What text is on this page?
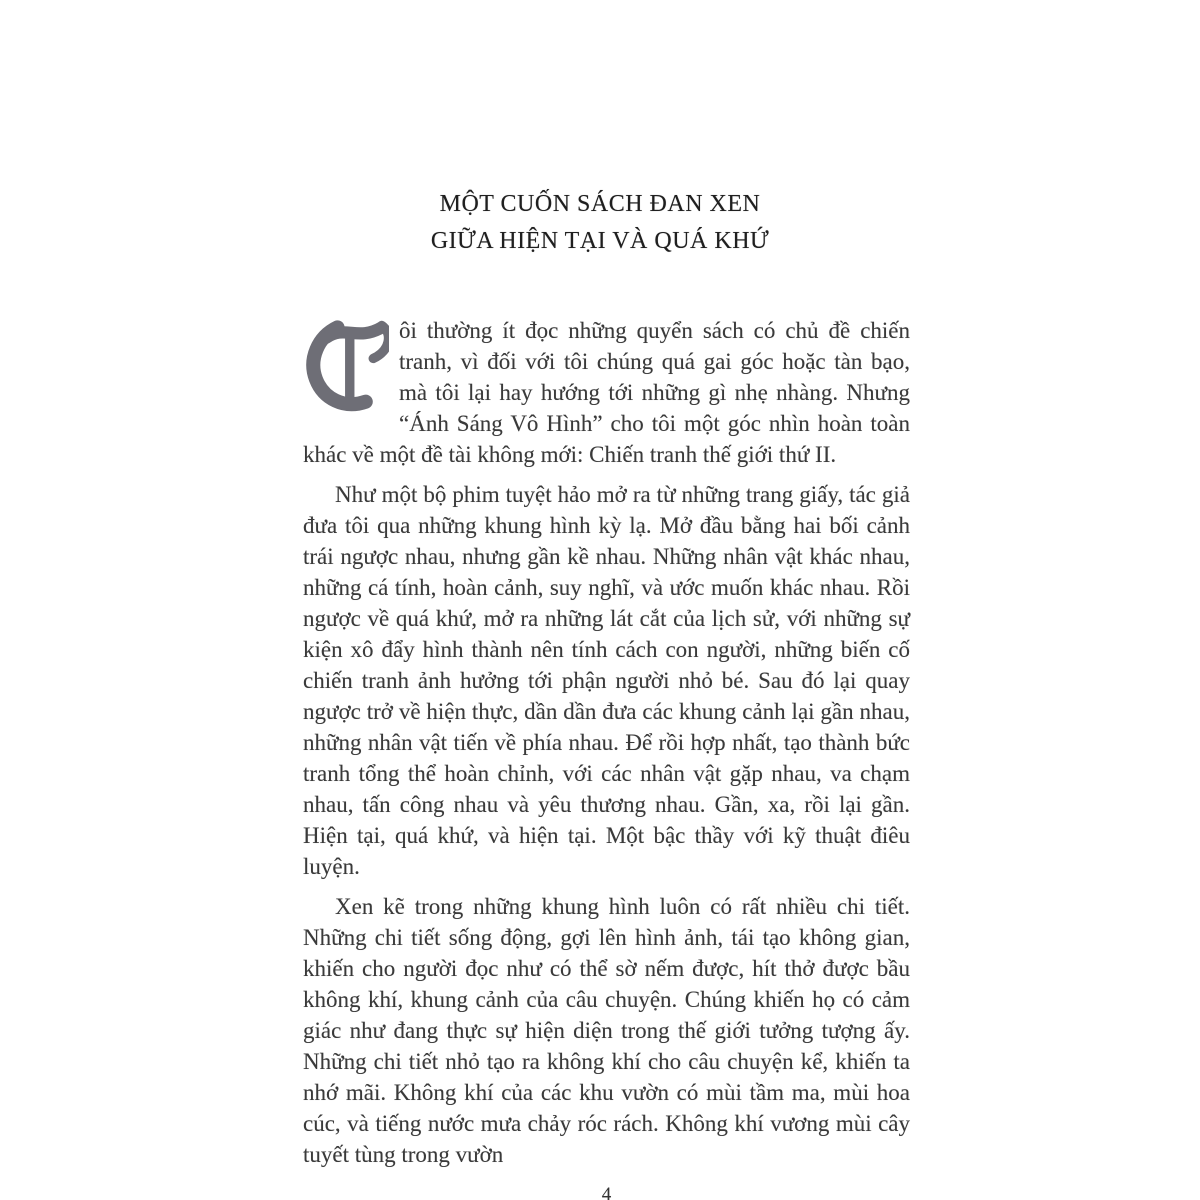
MỘT CUỐN SÁCH ĐAN XEN
GIỮA HIỆN TẠI VÀ QUÁ KHỨ

ôi thường ít đọc những quyển sách có chủ đề chiến tranh, vì đối với tôi chúng quá gai góc hoặc tàn bạo, mà tôi lại hay hướng tới những gì nhẹ nhàng. Nhưng “Ánh Sáng Vô Hình” cho tôi một góc nhìn hoàn toàn khác về một đề tài không mới: Chiến tranh thế giới thứ II.

Như một bộ phim tuyệt hảo mở ra từ những trang giấy, tác giả đưa tôi qua những khung hình kỳ lạ. Mở đầu bằng hai bối cảnh trái ngược nhau, nhưng gần kề nhau. Những nhân vật khác nhau, những cá tính, hoàn cảnh, suy nghĩ, và ước muốn khác nhau. Rồi ngược về quá khứ, mở ra những lát cắt của lịch sử, với những sự kiện xô đẩy hình thành nên tính cách con người, những biến cố chiến tranh ảnh hưởng tới phận người nhỏ bé. Sau đó lại quay ngược trở về hiện thực, dần dần đưa các khung cảnh lại gần nhau, những nhân vật tiến về phía nhau. Để rồi hợp nhất, tạo thành bức tranh tổng thể hoàn chỉnh, với các nhân vật gặp nhau, va chạm nhau, tấn công nhau và yêu thương nhau. Gần, xa, rồi lại gần. Hiện tại, quá khứ, và hiện tại. Một bậc thầy với kỹ thuật điêu luyện.

Xen kẽ trong những khung hình luôn có rất nhiều chi tiết. Những chi tiết sống động, gợi lên hình ảnh, tái tạo không gian, khiến cho người đọc như có thể sờ nếm được, hít thở được bầu không khí, khung cảnh của câu chuyện. Chúng khiến họ có cảm giác như đang thực sự hiện diện trong thế giới tưởng tượng ấy. Những chi tiết nhỏ tạo ra không khí cho câu chuyện kể, khiến ta nhớ mãi. Không khí của các khu vườn có mùi tầm ma, mùi hoa cúc, và tiếng nước mưa chảy róc rách. Không khí vương mùi cây tuyết tùng trong vườn

4
